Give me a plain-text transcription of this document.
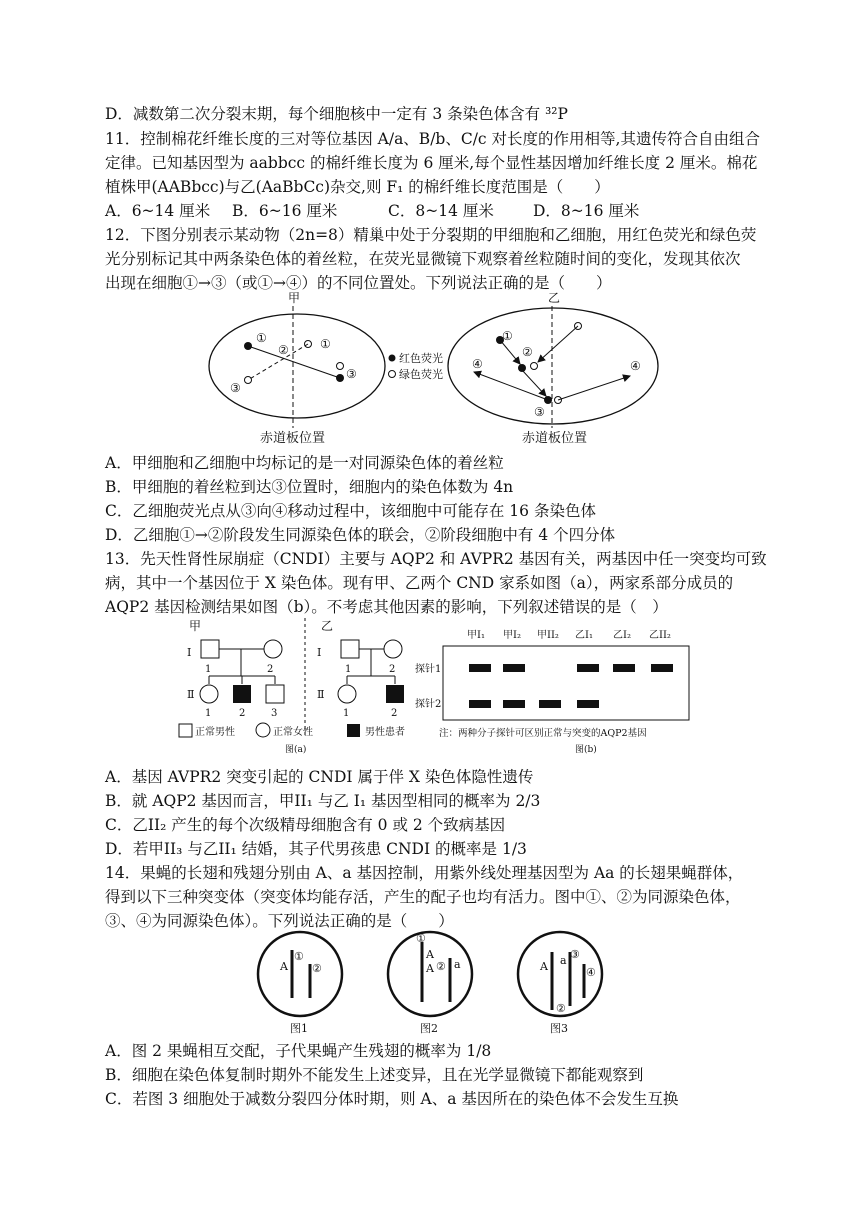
D．减数第二次分裂末期，每个细胞核中一定有 3 条染色体含有 ³²P
11．控制棉花纤维长度的三对等位基因 A/a、B/b、C/c 对长度的作用相等,其遗传符合自由组合
定律。已知基因型为 aabbcc 的棉纤维长度为 6 厘米,每个显性基因增加纤维长度 2 厘米。棉花
植株甲(AABbcc)与乙(AaBbCc)杂交,则 F₁ 的棉纤维长度范围是（　　）
A．6~14 厘米 B．6~16 厘米	C．8~14 厘米	D．8~16 厘米
12．下图分别表示某动物（2n=8）精巢中处于分裂期的甲细胞和乙细胞，用红色荧光和绿色荧
光分别标记其中两条染色体的着丝粒，在荧光显微镜下观察着丝粒随时间的变化，发现其依次
出现在细胞①→③（或①→④）的不同位置处。下列说法正确的是（　　）
甲
①
②
③
③
①
红色荧光
绿色荧光
赤道板位置
乙
①
②
④	④
③
赤道板位置
A．甲细胞和乙细胞中均标记的是一对同源染色体的着丝粒
B．甲细胞的着丝粒到达③位置时，细胞内的染色体数为 4n
C．乙细胞荧光点从③向④移动过程中，该细胞中可能存在 16 条染色体
D．乙细胞①→②阶段发生同源染色体的联会，②阶段细胞中有 4 个四分体
13．先天性肾性尿崩症（CNDI）主要与 AQP2 和 AVPR2 基因有关，两基因中任一突变均可致
病，其中一个基因位于 X 染色体。现有甲、乙两个 CND 家系如图（a），两家系部分成员的
AQP2 基因检测结果如图（b）。不考虑其他因素的影响，下列叙述错误的是（　）
甲
Ⅰ
1	2
Ⅱ
1	2	3
乙
Ⅰ
1	2
Ⅱ
1	2
正常男性	正常女性	男性患者
图(a)
甲I₁ 甲I₂ 甲II₂ 乙I₁ 乙I₂ 乙II₂
探针1
探针2
注：两种分子探针可区别正常与突变的AQP2基因
图(b)
A．基因 AVPR2 突变引起的 CNDI 属于伴 X 染色体隐性遗传
B．就 AQP2 基因而言，甲II₁ 与乙 I₁ 基因型相同的概率为 2/3
C．乙II₂ 产生的每个次级精母细胞含有 0 或 2 个致病基因
D．若甲II₃ 与乙II₁ 结婚，其子代男孩患 CNDI 的概率是 1/3
14．果蝇的长翅和残翅分别由 A、a 基因控制，用紫外线处理基因型为 Aa 的长翅果蝇群体，
得到以下三种突变体（突变体均能存活，产生的配子也均有活力。图中①、②为同源染色体，
③、④为同源染色体）。下列说法正确的是（　　）
A
①
②
图1
A
A a
①
②
图2
A a ③
④
②
图3
A．图 2 果蝇相互交配，子代果蝇产生残翅的概率为 1/8
B．细胞在染色体复制时期外不能发生上述变异，且在光学显微镜下都能观察到
C．若图 3 细胞处于减数分裂四分体时期，则 A、a 基因所在的染色体不会发生互换
